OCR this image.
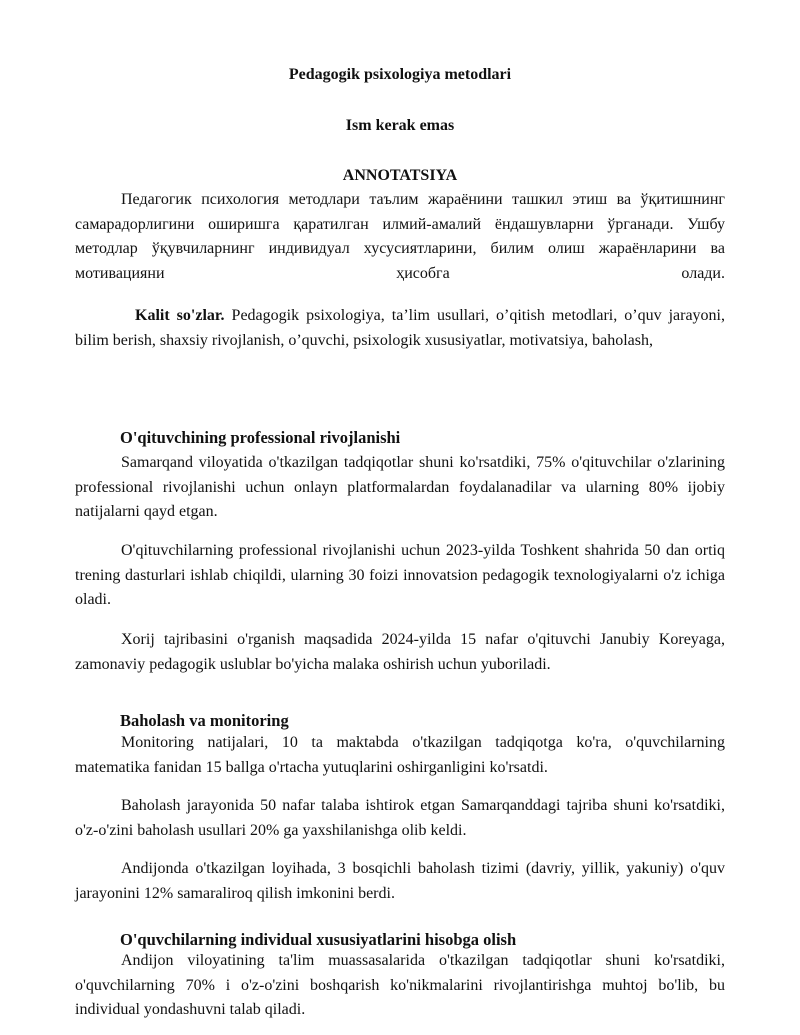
Pedagogik psixologiya metodlari
Ism kerak emas
ANNOTATSIYA
Педагогик психология методлари таълим жараёнини ташкил этиш ва ўқитишнинг самарадорлигини оширишга қаратилган илмий-амалий ёндашувларни ўрганади. Ушбу методлар ўқувчиларнинг индивидуал хусусиятларини, билим олиш жараёнларини ва мотивацияни ҳисобга олади.
Kalit so'zlar. Pedagogik psixologiya, ta’lim usullari, o’qitish metodlari, o’quv jarayoni, bilim berish, shaxsiy rivojlanish, o’quvchi, psixologik xususiyatlar, motivatsiya, baholash,
O'qituvchining professional rivojlanishi
Samarqand viloyatida o'tkazilgan tadqiqotlar shuni ko'rsatdiki, 75% o'qituvchilar o'zlarining professional rivojlanishi uchun onlayn platformalardan foydalanadilar va ularning 80% ijobiy natijalarni qayd etgan.
O'qituvchilarning professional rivojlanishi uchun 2023-yilda Toshkent shahrida 50 dan ortiq trening dasturlari ishlab chiqildi, ularning 30 foizi innovatsion pedagogik texnologiyalarni o'z ichiga oladi.
Xorij tajribasini o'rganish maqsadida 2024-yilda 15 nafar o'qituvchi Janubiy Koreyaga, zamonaviy pedagogik uslublar bo'yicha malaka oshirish uchun yuboriladi.
Baholash va monitoring
Monitoring natijalari, 10 ta maktabda o'tkazilgan tadqiqotga ko'ra, o'quvchilarning matematika fanidan 15 ballga o'rtacha yutuqlarini oshirganligini ko'rsatdi.
Baholash jarayonida 50 nafar talaba ishtirok etgan Samarqanddagi tajriba shuni ko'rsatdiki, o'z-o'zini baholash usullari 20% ga yaxshilanishga olib keldi.
Andijonda o'tkazilgan loyihada, 3 bosqichli baholash tizimi (davriy, yillik, yakuniy) o'quv jarayonini 12% samaraliroq qilish imkonini berdi.
O'quvchilarning individual xususiyatlarini hisobga olish
Andijon viloyatining ta'lim muassasalarida o'tkazilgan tadqiqotlar shuni ko'rsatdiki, o'quvchilarning 70% i o'z-o'zini boshqarish ko'nikmalarini rivojlantirishga muhtoj bo'lib, bu individual yondashuvni talab qiladi.
